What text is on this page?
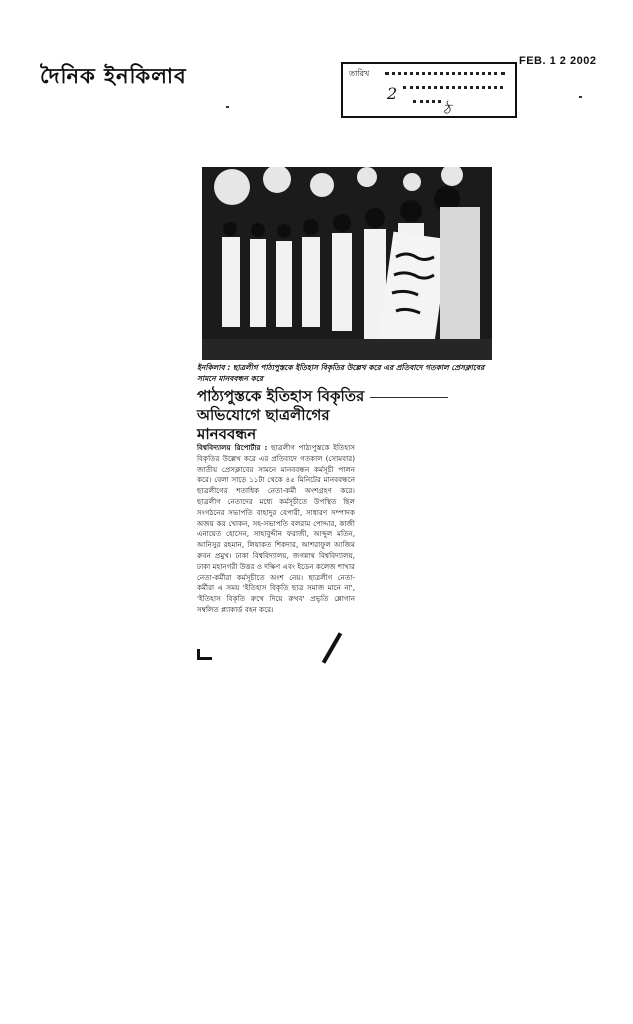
দৈনিক ইনকিলাব
FEB. 1 2 2002
তারিখ
2
ঠ
ইনকিলাব : ছাত্রলীগ পাঠ্যপুস্তকে ইতিহাস বিকৃতির উল্লেখ করে এর প্রতিবাদে গতকাল প্রেসক্লাবের সামনে মানববন্ধন করে
পাঠ্যপুস্তকে ইতিহাস বিকৃতির অভিযোগে ছাত্রলীগের মানববন্ধন
বিশ্ববিদ্যালয় রিপোর্টার : ছাত্রলীগ পাঠ্যপুস্তকে ইতিহাস বিকৃতির উল্লেখ করে এর প্রতিবাদে গতকাল (সোমবার) জাতীয় প্রেসক্লাবের সামনে মানববন্ধন কর্মসূচী পালন করে। বেলা সাড়ে ১১টা থেকে ৪৫ মিনিটের মানববন্ধনে ছাত্রলীগের শতাধিক নেতা-কর্মী অংশগ্রহণ করে। ছাত্রলীগ নেতাদের মধ্যে কর্মসূচীতে উপস্থিত ছিল সংগঠনের সভাপতি বাহাদুর বেপারী, সাধারণ সম্পাদক অজয় কর খোকন, সহ-সভাপতি বলরাম পোদ্দার, কাজী এনায়েত হোসেন, সাহাবুদ্দীন ফরাজী, আব্দুল মতিন, আনিসুর রহমান, লিয়াকত শিকদার, আশরাফুল আজিম রুবন প্রমুখ। ঢাকা বিশ্ববিদ্যালয়, জগন্নাথ বিশ্ববিদ্যালয়, ঢাকা মহানগরী উত্তর ও দক্ষিণ এবং ইডেন কলেজ শাখার নেতা-কর্মীরা কর্মসূচীতে অংশ নেয়। ছাত্রলীগ নেতা-কর্মীরা এ সময় 'ইতিহাস বিকৃতি ছাত্র সমাজ মানে না', 'ইতিহাস বিকৃতি রুখে দিয়ে রুখব' প্রভৃতি শ্লোগান সম্বলিত প্ল্যাকার্ড বহন করে।
